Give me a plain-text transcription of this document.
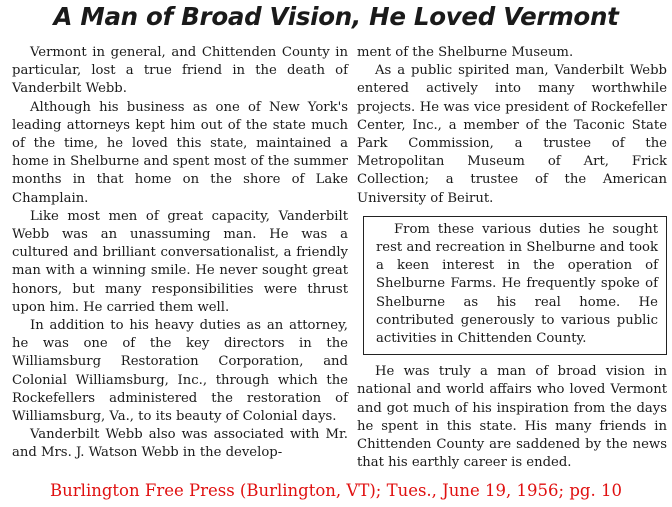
A Man of Broad Vision, He Loved Vermont

Vermont in general, and Chittenden County in particular, lost a true friend in the death of Vanderbilt Webb.

Although his business as one of New York's leading attorneys kept him out of the state much of the time, he loved this state, maintained a home in Shelburne and spent most of the summer months in that home on the shore of Lake Champlain.

Like most men of great capacity, Vanderbilt Webb was an unassuming man. He was a cultured and brilliant conversationalist, a friendly man with a winning smile. He never sought great honors, but many responsibilities were thrust upon him. He carried them well.

In addition to his heavy duties as an attorney, he was one of the key directors in the Williamsburg Restoration Corporation, and Colonial Williamsburg, Inc., through which the Rockefellers administered the restoration of Williamsburg, Va., to its beauty of Colonial days.

Vanderbilt Webb also was associated with Mr. and Mrs. J. Watson Webb in the develop-

ment of the Shelburne Museum.

As a public spirited man, Vanderbilt Webb entered actively into many worthwhile projects. He was vice president of Rockefeller Center, Inc., a member of the Taconic State Park Commission, a trustee of the Metropolitan Museum of Art, Frick Collection; a trustee of the American University of Beirut.

From these various duties he sought rest and recreation in Shelburne and took a keen interest in the operation of Shelburne Farms. He frequently spoke of Shelburne as his real home. He contributed generously to various public activities in Chittenden County.

He was truly a man of broad vision in national and world affairs who loved Vermont and got much of his inspiration from the days he spent in this state. His many friends in Chittenden County are saddened by the news that his earthly career is ended.

Burlington Free Press (Burlington, VT); Tues., June 19, 1956; pg. 10
